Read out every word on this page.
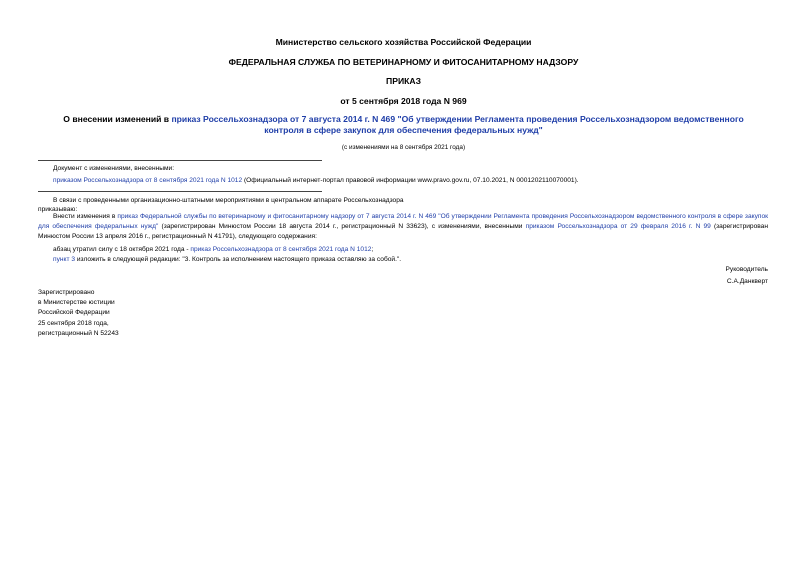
Министерство сельского хозяйства Российской Федерации
ФЕДЕРАЛЬНАЯ СЛУЖБА ПО ВЕТЕРИНАРНОМУ И ФИТОСАНИТАРНОМУ НАДЗОРУ
ПРИКАЗ
от 5 сентября 2018 года N 969
О внесении изменений в приказ Россельхознадзора от 7 августа 2014 г. N 469 "Об утверждении Регламента проведения Россельхознадзором ведомственного контроля в сфере закупок для обеспечения федеральных нужд"
(с изменениями на 8 сентября 2021 года)
Документ с изменениями, внесенными:
приказом Россельхознадзора от 8 сентября 2021 года N 1012 (Официальный интернет-портал правовой информации www.pravo.gov.ru, 07.10.2021, N 0001202110070001).
В связи с проведенными организационно-штатными мероприятиями в центральном аппарате Россельхознадзора
приказываю:
Внести изменения в приказ Федеральной службы по ветеринарному и фитосанитарному надзору от 7 августа 2014 г. N 469 "Об утверждении Регламента проведения Россельхознадзором ведомственного контроля в сфере закупок для обеспечения федеральных нужд" (зарегистрирован Минюстом России 18 августа 2014 г., регистрационный N 33623), с изменениями, внесенными приказом Россельхознадзора от 29 февраля 2016 г. N 99 (зарегистрирован Минюстом России 13 апреля 2016 г., регистрационный N 41791), следующего содержания:
абзац утратил силу с 18 октября 2021 года - приказ Россельхознадзора от 8 сентября 2021 года N 1012;
пункт 3 изложить в следующей редакции: "3. Контроль за исполнением настоящего приказа оставляю за собой.".
Руководитель
С.А.Данкверт
Зарегистрировано
в Министерстве юстиции
Российской Федерации
25 сентября 2018 года,
регистрационный N 52243
